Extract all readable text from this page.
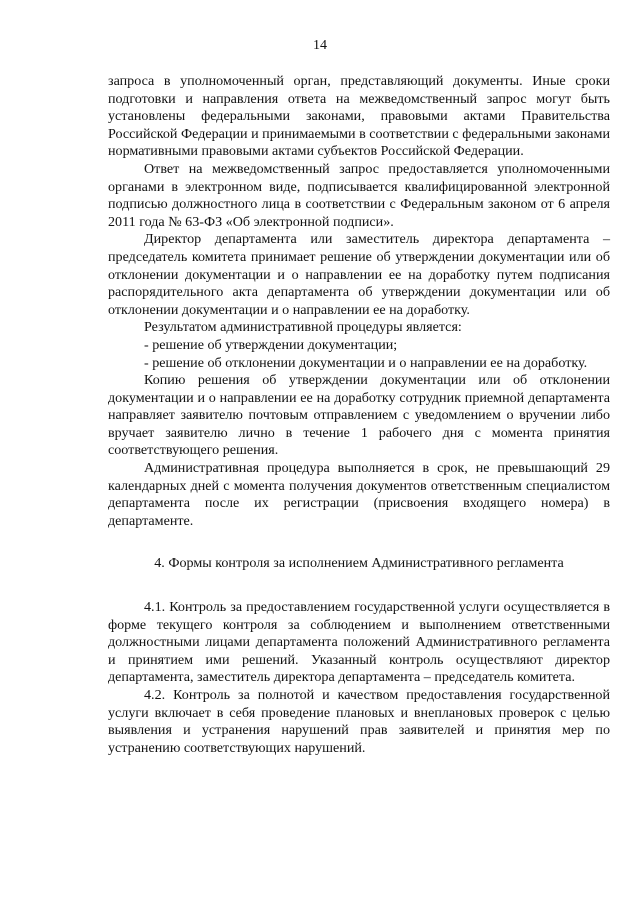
14

запроса в уполномоченный орган, представляющий документы. Иные сроки подготовки и направления ответа на межведомственный запрос могут быть установлены федеральными законами, правовыми актами Правительства Российской Федерации и принимаемыми в соответствии с федеральными законами нормативными правовыми актами субъектов Российской Федерации.

Ответ на межведомственный запрос предоставляется уполномоченными органами в электронном виде, подписывается квалифицированной электронной подписью должностного лица в соответствии с Федеральным законом от 6 апреля 2011 года № 63-ФЗ «Об электронной подписи».

Директор департамента или заместитель директора департамента – председатель комитета принимает решение об утверждении документации или об отклонении документации и о направлении ее на доработку путем подписания распорядительного акта департамента об утверждении документации или об отклонении документации и о направлении ее на доработку.

Результатом административной процедуры является:

- решение об утверждении документации;

- решение об отклонении документации и о направлении ее на доработку.

Копию решения об утверждении документации или об отклонении документации и о направлении ее на доработку сотрудник приемной департамента направляет заявителю почтовым отправлением с уведомлением о вручении либо вручает заявителю лично в течение 1 рабочего дня с момента принятия соответствующего решения.

Административная процедура выполняется в срок, не превышающий 29 календарных дней с момента получения документов ответственным специалистом департамента после их регистрации (присвоения входящего номера) в департаменте.

4. Формы контроля за исполнением Административного регламента

4.1. Контроль за предоставлением государственной услуги осуществляется в форме текущего контроля за соблюдением и выполнением ответственными должностными лицами департамента положений Административного регламента и принятием ими решений. Указанный контроль осуществляют директор департамента, заместитель директора департамента – председатель комитета.

4.2. Контроль за полнотой и качеством предоставления государственной услуги включает в себя проведение плановых и внеплановых проверок с целью выявления и устранения нарушений прав заявителей и принятия мер по устранению соответствующих нарушений.
